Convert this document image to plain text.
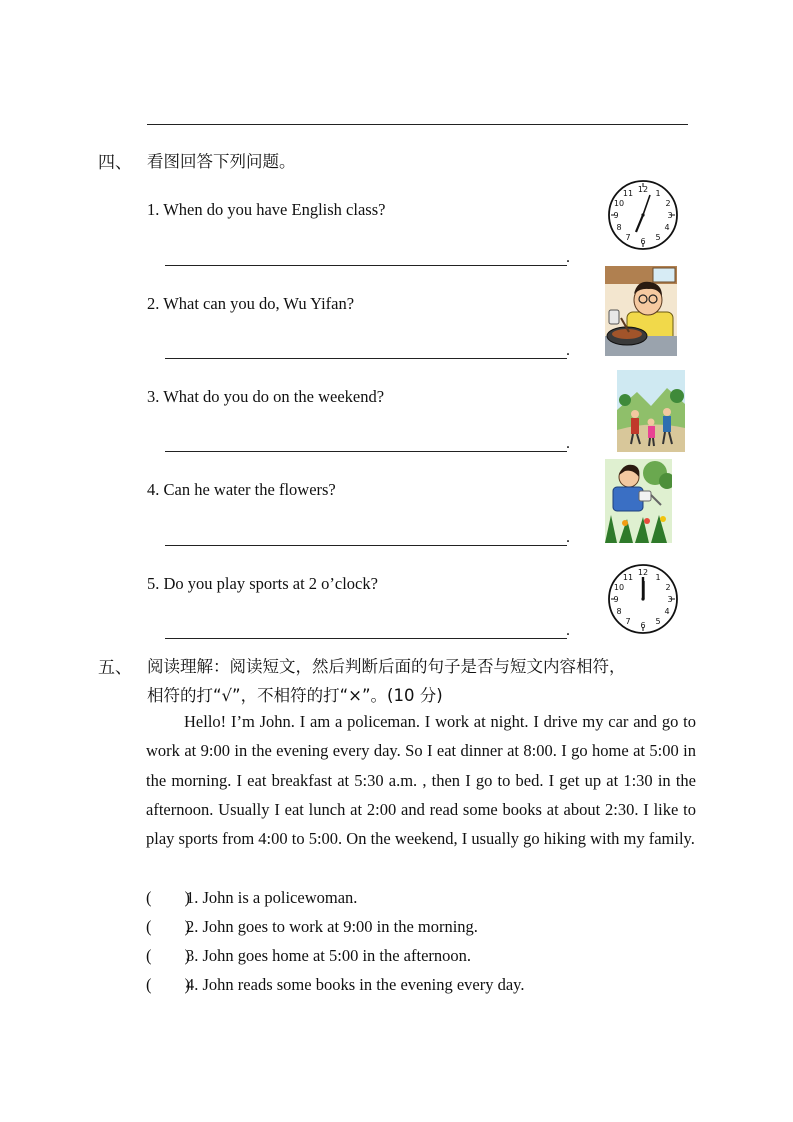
四、 看图回答下列问题。
1. When do you have English class?
.
2. What can you do, Wu Yifan?
.
3. What do you do on the weekend?
.
4. Can he water the flowers?
.
5. Do you play sports at 2 o’clock?
.
12 1
2
3
4
5
6
7
8
9
10
11
12
1
2
3
4
5
6
7
8
9
10
11
五、 阅读理解：阅读短文，然后判断后面的句子是否与短文内容相符，
相符的打“√”，不相符的打“×”。(10 分)

Hello! I’m John. I am a policeman. I work at night. I drive my car and go to work at 9:00 in the evening every day. So I eat dinner at 8:00. I go home at 5:00 in the morning. I eat breakfast at 5:30 a.m. , then I go to bed. I get up at 1:30 in the afternoon. Usually I eat lunch at 2:00 and read some books at about 2:30. I like to play sports from 4:00 to 5:00. On the weekend, I usually go hiking with my family.

(        )1. John is a policewoman.
(        )2. John goes to work at 9:00 in the morning.
(        )3. John goes home at 5:00 in the afternoon.
(        )4. John reads some books in the evening every day.
